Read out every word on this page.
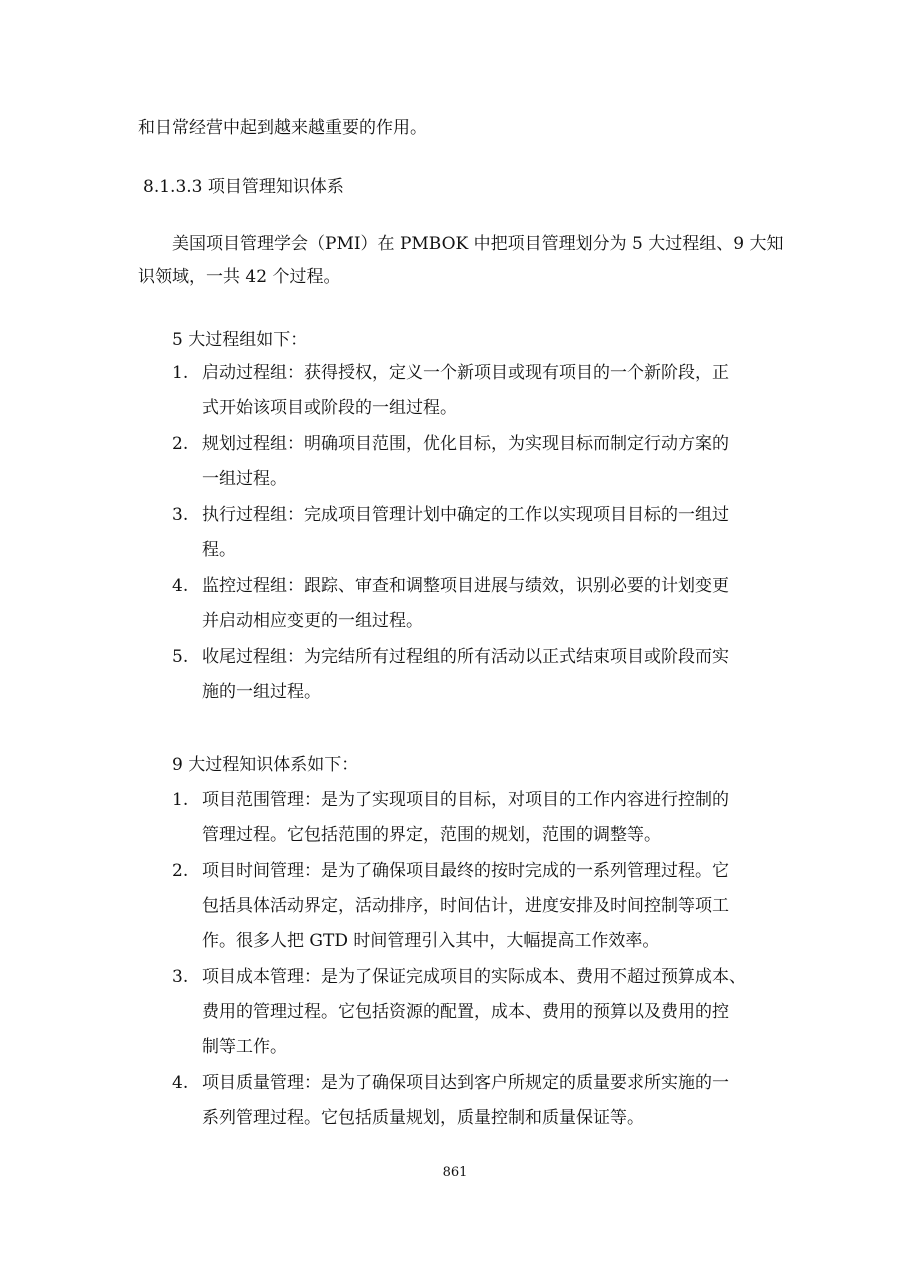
和日常经营中起到越来越重要的作用。
8.1.3.3 项目管理知识体系
美国项目管理学会（PMI）在 PMBOK 中把项目管理划分为 5 大过程组、9 大知
识领域，一共 42 个过程。
5 大过程组如下：
1. 启动过程组：获得授权，定义一个新项目或现有项目的一个新阶段，正
式开始该项目或阶段的一组过程。
2. 规划过程组：明确项目范围，优化目标，为实现目标而制定行动方案的
一组过程。
3. 执行过程组：完成项目管理计划中确定的工作以实现项目目标的一组过
程。
4. 监控过程组：跟踪、审查和调整项目进展与绩效，识别必要的计划变更
并启动相应变更的一组过程。
5. 收尾过程组：为完结所有过程组的所有活动以正式结束项目或阶段而实
施的一组过程。
9 大过程知识体系如下：
1. 项目范围管理：是为了实现项目的目标，对项目的工作内容进行控制的
管理过程。它包括范围的界定，范围的规划，范围的调整等。
2. 项目时间管理：是为了确保项目最终的按时完成的一系列管理过程。它
包括具体活动界定，活动排序，时间估计，进度安排及时间控制等项工
作。很多人把 GTD 时间管理引入其中，大幅提高工作效率。
3. 项目成本管理：是为了保证完成项目的实际成本、费用不超过预算成本、
费用的管理过程。它包括资源的配置，成本、费用的预算以及费用的控
制等工作。
4. 项目质量管理：是为了确保项目达到客户所规定的质量要求所实施的一
系列管理过程。它包括质量规划，质量控制和质量保证等。
861
